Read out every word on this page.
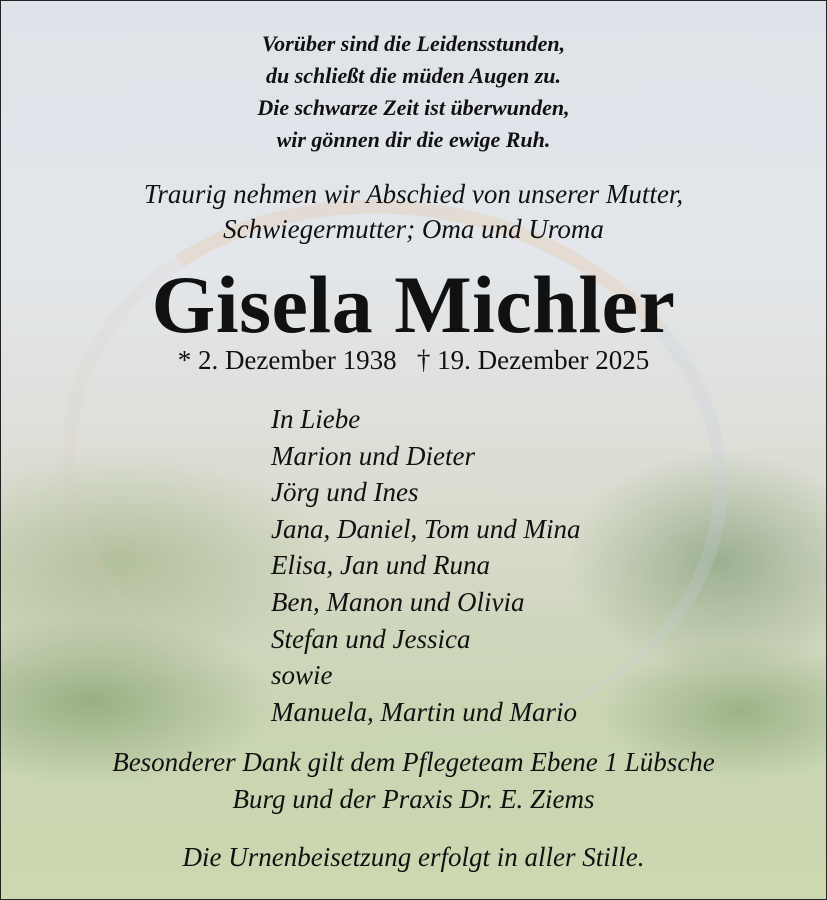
Vorüber sind die Leidensstunden,
du schließt die müden Augen zu.
Die schwarze Zeit ist überwunden,
wir gönnen dir die ewige Ruh.
Traurig nehmen wir Abschied von unserer Mutter,
Schwiegermutter; Oma und Uroma
Gisela Michler
* 2. Dezember 1938 † 19. Dezember 2025
In Liebe
Marion und Dieter
Jörg und Ines
Jana, Daniel, Tom und Mina
Elisa, Jan und Runa
Ben, Manon und Olivia
Stefan und Jessica
sowie
Manuela, Martin und Mario
Besonderer Dank gilt dem Pflegeteam Ebene 1 Lübsche
Burg und der Praxis Dr. E. Ziems
Die Urnenbeisetzung erfolgt in aller Stille.
